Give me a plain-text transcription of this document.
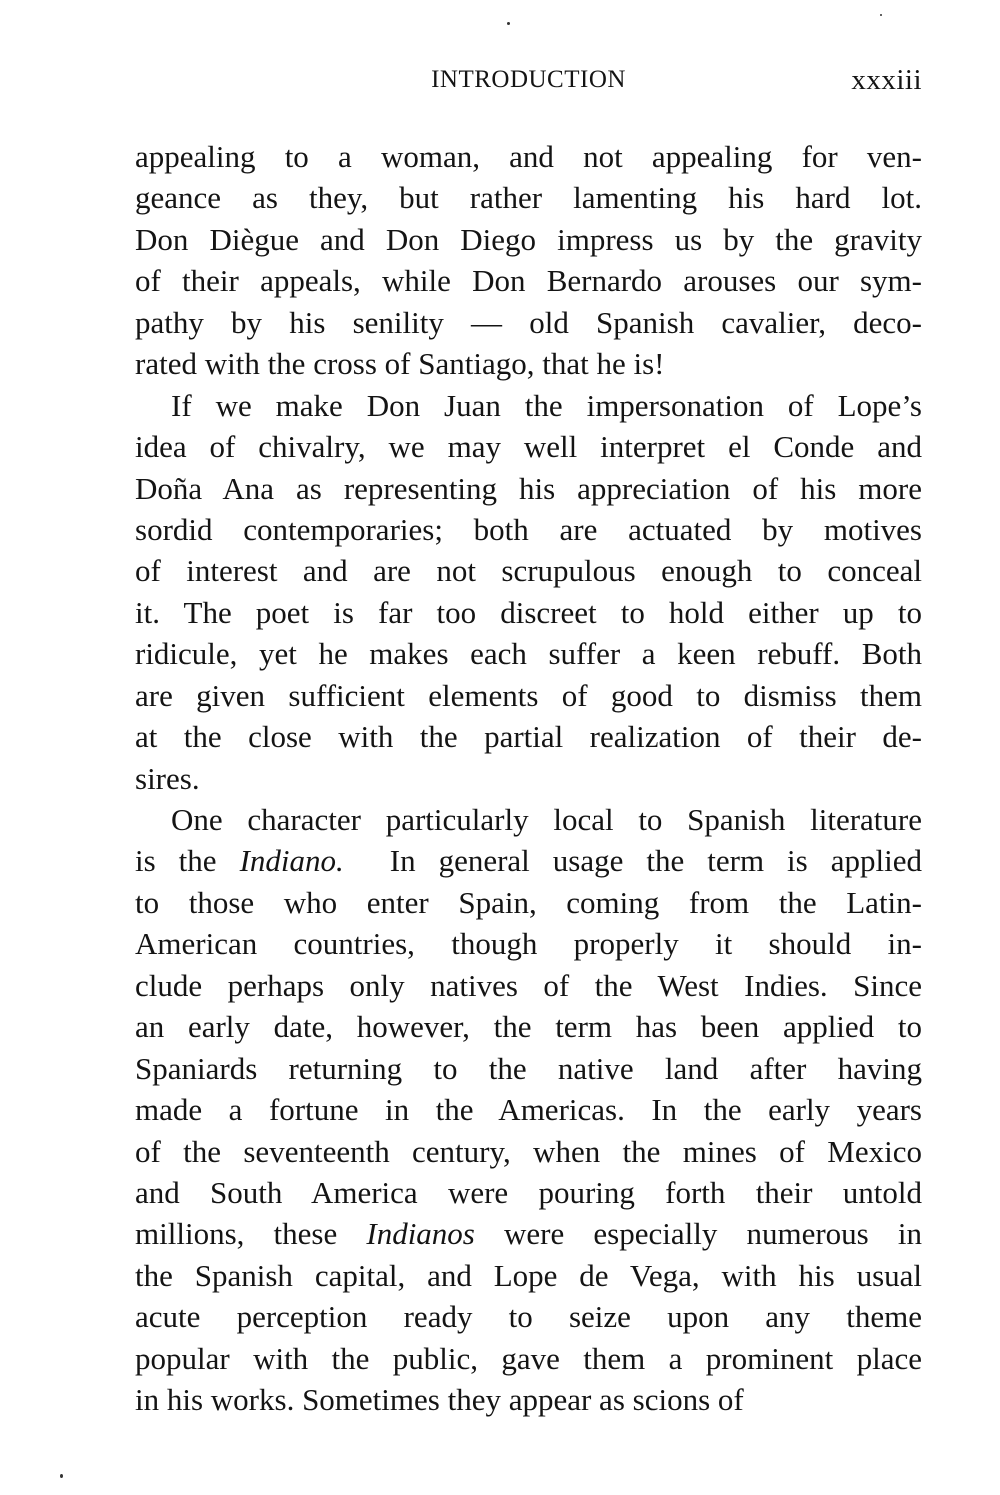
INTRODUCTION	xxxiii
appealing to a woman, and not appealing for ven-
geance as they, but rather lamenting his hard lot.
Don Diègue and Don Diego impress us by the gravity
of their appeals, while Don Bernardo arouses our sym-
pathy by his senility — old Spanish cavalier, deco-
rated with the cross of Santiago, that he is!
If we make Don Juan the impersonation of Lope’s
idea of chivalry, we may well interpret el Conde and
Doña Ana as representing his appreciation of his more
sordid contemporaries; both are actuated by motives
of interest and are not scrupulous enough to conceal
it. The poet is far too discreet to hold either up to
ridicule, yet he makes each suffer a keen rebuff. Both
are given sufficient elements of good to dismiss them
at the close with the partial realization of their de-
sires.
One character particularly local to Spanish literature
is the Indiano.  In general usage the term is applied
to those who enter Spain, coming from the Latin-
American countries, though properly it should in-
clude perhaps only natives of the West Indies. Since
an early date, however, the term has been applied to
Spaniards returning to the native land after having
made a fortune in the Americas. In the early years
of the seventeenth century, when the mines of Mexico
and South America were pouring forth their untold
millions, these Indianos were especially numerous in
the Spanish capital, and Lope de Vega, with his usual
acute perception ready to seize upon any theme
popular with the public, gave them a prominent place
in his works. Sometimes they appear as scions of
